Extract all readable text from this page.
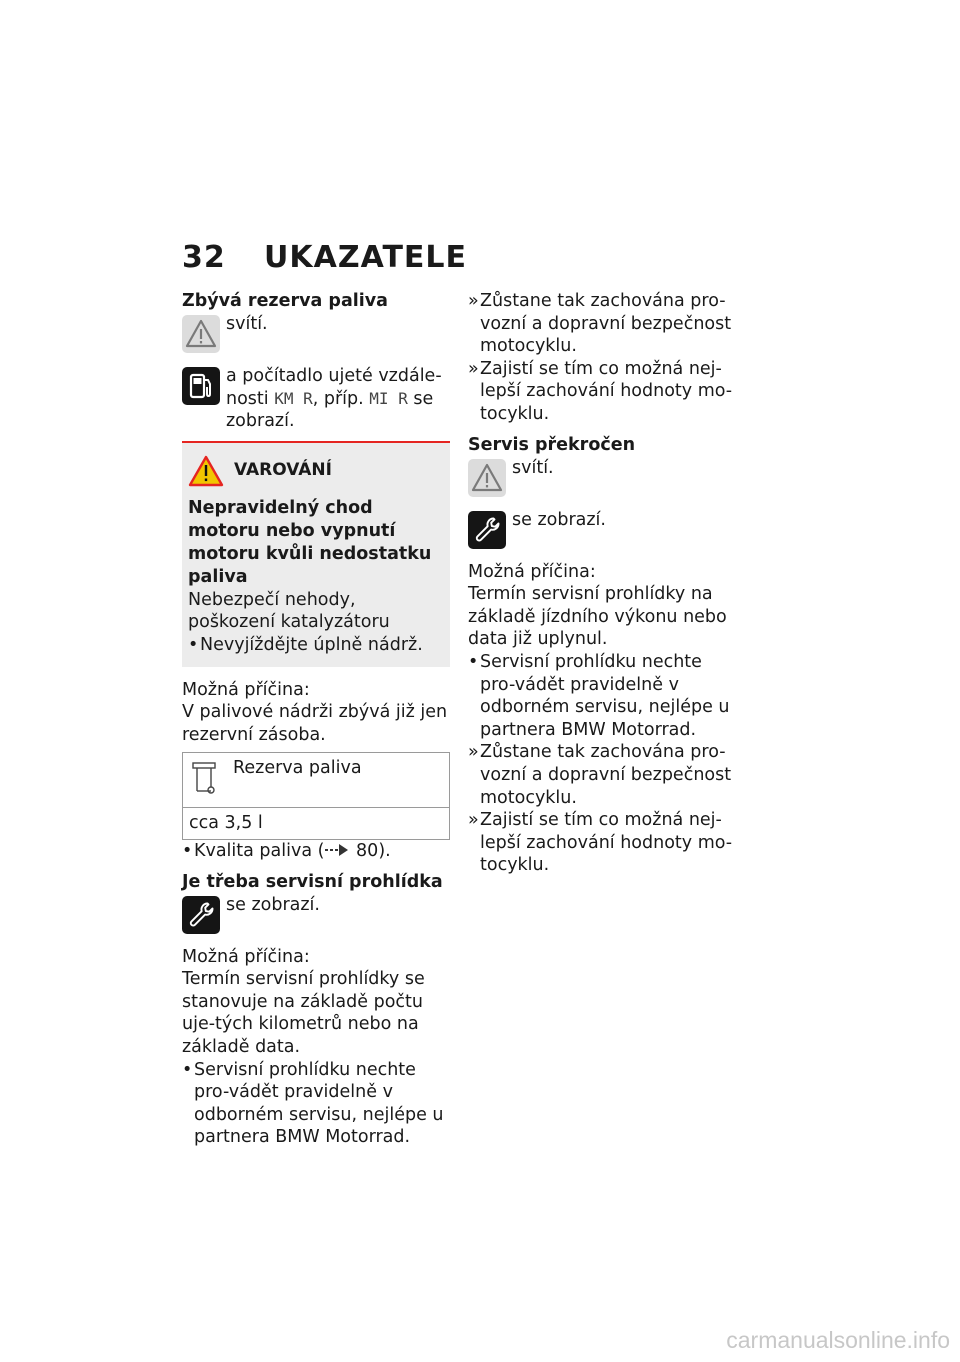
32 UKAZATELE
Zbývá rezerva paliva
svítí.
a počítadlo ujeté vzdále-nosti KM R, příp. MI R se zobrazí.
VAROVÁNÍ
Nepravidelný chod motoru nebo vypnutí motoru kvůli nedostatku paliva

Nebezpečí nehody, poškození katalyzátoru

• Nevyjíždějte úplně nádrž.

Možná příčina:

V palivové nádrži zbývá již jen rezervní zásoba.

Rezerva paliva

cca 3,5 l
• Kvalita paliva ( 80).
Je třeba servisní prohlídka
se zobrazí.

Možná příčina:

Termín servisní prohlídky se stanovuje na základě počtu uje-tých kilometrů nebo na základě data.

• Servisní prohlídku nechte pro-vádět pravidelně v odborném servisu, nejlépe u partnera BMW Motorrad.
» Zůstane tak zachována pro-vozní a dopravní bezpečnost motocyklu.
» Zajistí se tím co možná nej-lepší zachování hodnoty mo-tocyklu.
Servis překročen
svítí.
se zobrazí.

Možná příčina:

Termín servisní prohlídky na základě jízdního výkonu nebo data již uplynul.

• Servisní prohlídku nechte pro-vádět pravidelně v odborném servisu, nejlépe u partnera BMW Motorrad.
» Zůstane tak zachována pro-vozní a dopravní bezpečnost motocyklu.
» Zajistí se tím co možná nej-lepší zachování hodnoty mo-tocyklu.
carmanualsonline.info
